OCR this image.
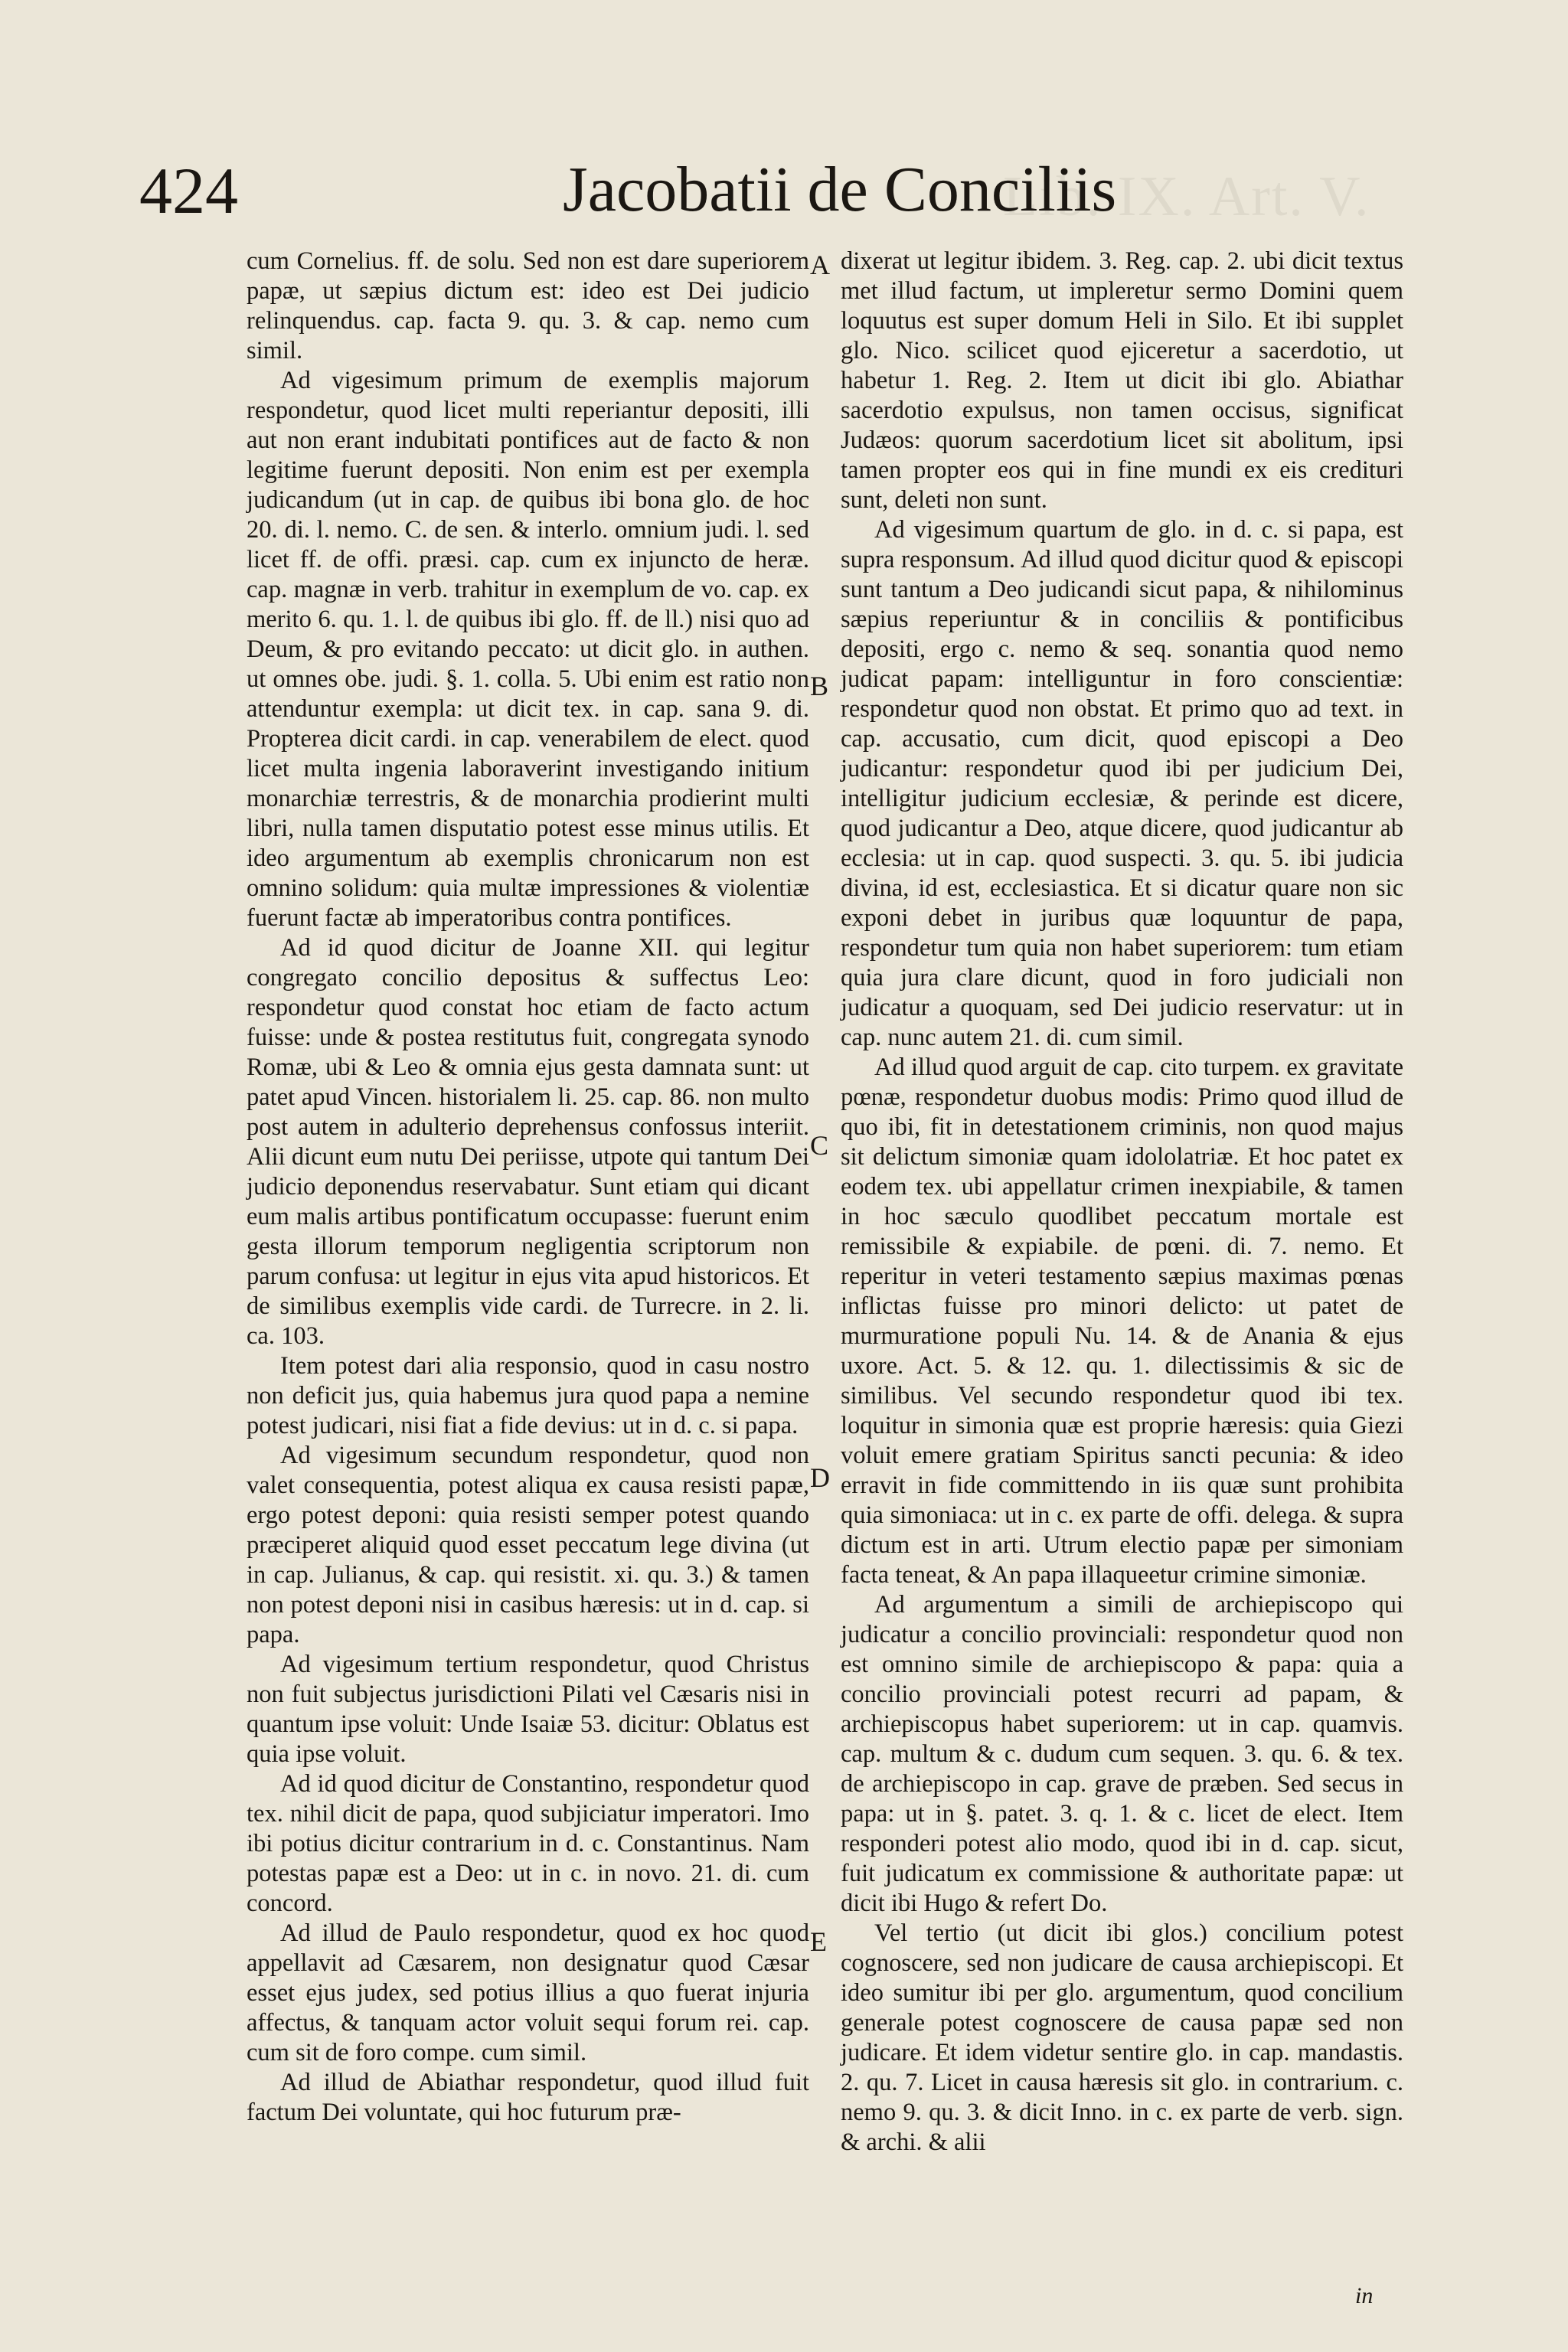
Lib. IX. Art. V.
424	Jacobatii de Conciliis

cum Cornelius. ff. de solu. Sed non est dare superiorem papæ, ut sæpius dictum est: ideo est Dei judicio relinquendus. cap. facta 9. qu. 3. & cap. nemo cum simil.

Ad vigesimum primum de exemplis majorum respondetur, quod licet multi reperiantur depositi, illi aut non erant indubitati pontifices aut de facto & non legitime fuerunt depositi. Non enim est per exempla judicandum (ut in cap. de quibus ibi bona glo. de hoc 20. di. l. nemo. C. de sen. & interlo. omnium judi. l. sed licet ff. de offi. præsi. cap. cum ex injuncto de heræ. cap. magnæ in verb. trahitur in exemplum de vo. cap. ex merito 6. qu. 1. l. de quibus ibi glo. ff. de ll.) nisi quo ad Deum, & pro evitando peccato: ut dicit glo. in authen. ut omnes obe. judi. §. 1. colla. 5. Ubi enim est ratio non attenduntur exempla: ut dicit tex. in cap. sana 9. di. Propterea dicit cardi. in cap. venerabilem de elect. quod licet multa ingenia laboraverint investigando initium monarchiæ terrestris, & de monarchia prodierint multi libri, nulla tamen disputatio potest esse minus utilis. Et ideo argumentum ab exemplis chronicarum non est omnino solidum: quia multæ impressiones & violentiæ fuerunt factæ ab imperatoribus contra pontifices.

Ad id quod dicitur de Joanne XII. qui legitur congregato concilio depositus & suffectus Leo: respondetur quod constat hoc etiam de facto actum fuisse: unde & postea restitutus fuit, congregata synodo Romæ, ubi & Leo & omnia ejus gesta damnata sunt: ut patet apud Vincen. historialem li. 25. cap. 86. non multo post autem in adulterio deprehensus confossus interiit. Alii dicunt eum nutu Dei periisse, utpote qui tantum Dei judicio deponendus reservabatur. Sunt etiam qui dicant eum malis artibus pontificatum occupasse: fuerunt enim gesta illorum temporum negligentia scriptorum non parum confusa: ut legitur in ejus vita apud historicos. Et de similibus exemplis vide cardi. de Turrecre. in 2. li. ca. 103.

Item potest dari alia responsio, quod in casu nostro non deficit jus, quia habemus jura quod papa a nemine potest judicari, nisi fiat a fide devius: ut in d. c. si papa.

Ad vigesimum secundum respondetur, quod non valet consequentia, potest aliqua ex causa resisti papæ, ergo potest deponi: quia resisti semper potest quando præciperet aliquid quod esset peccatum lege divina (ut in cap. Julianus, & cap. qui resistit. xi. qu. 3.) & tamen non potest deponi nisi in casibus hæresis: ut in d. cap. si papa.

Ad vigesimum tertium respondetur, quod Christus non fuit subjectus jurisdictioni Pilati vel Cæsaris nisi in quantum ipse voluit: Unde Isaiæ 53. dicitur: Oblatus est quia ipse voluit.

Ad id quod dicitur de Constantino, respondetur quod tex. nihil dicit de papa, quod subjiciatur imperatori. Imo ibi potius dicitur contrarium in d. c. Constantinus. Nam potestas papæ est a Deo: ut in c. in novo. 21. di. cum concord.

Ad illud de Paulo respondetur, quod ex hoc quod appellavit ad Cæsarem, non designatur quod Cæsar esset ejus judex, sed potius illius a quo fuerat injuria affectus, & tanquam actor voluit sequi forum rei. cap. cum sit de foro compe. cum simil.

Ad illud de Abiathar respondetur, quod illud fuit factum Dei voluntate, qui hoc futurum præ-

A
B
C
D
E

dixerat ut legitur ibidem. 3. Reg. cap. 2. ubi dicit textus met illud factum, ut impleretur sermo Domini quem loquutus est super domum Heli in Silo. Et ibi supplet glo. Nico. scilicet quod ejiceretur a sacerdotio, ut habetur 1. Reg. 2. Item ut dicit ibi glo. Abiathar sacerdotio expulsus, non tamen occisus, significat Judæos: quorum sacerdotium licet sit abolitum, ipsi tamen propter eos qui in fine mundi ex eis credituri sunt, deleti non sunt.

Ad vigesimum quartum de glo. in d. c. si papa, est supra responsum. Ad illud quod dicitur quod & episcopi sunt tantum a Deo judicandi sicut papa, & nihilominus sæpius reperiuntur & in conciliis & pontificibus depositi, ergo c. nemo & seq. sonantia quod nemo judicat papam: intelliguntur in foro conscientiæ: respondetur quod non obstat. Et primo quo ad text. in cap. accusatio, cum dicit, quod episcopi a Deo judicantur: respondetur quod ibi per judicium Dei, intelligitur judicium ecclesiæ, & perinde est dicere, quod judicantur a Deo, atque dicere, quod judicantur ab ecclesia: ut in cap. quod suspecti. 3. qu. 5. ibi judicia divina, id est, ecclesiastica. Et si dicatur quare non sic exponi debet in juribus quæ loquuntur de papa, respondetur tum quia non habet superiorem: tum etiam quia jura clare dicunt, quod in foro judiciali non judicatur a quoquam, sed Dei judicio reservatur: ut in cap. nunc autem 21. di. cum simil.

Ad illud quod arguit de cap. cito turpem. ex gravitate pœnæ, respondetur duobus modis: Primo quod illud de quo ibi, fit in detestationem criminis, non quod majus sit delictum simoniæ quam idololatriæ. Et hoc patet ex eodem tex. ubi appellatur crimen inexpiabile, & tamen in hoc sæculo quodlibet peccatum mortale est remissibile & expiabile. de pœni. di. 7. nemo. Et reperitur in veteri testamento sæpius maximas pœnas inflictas fuisse pro minori delicto: ut patet de murmuratione populi Nu. 14. & de Anania & ejus uxore. Act. 5. & 12. qu. 1. dilectissimis & sic de similibus. Vel secundo respondetur quod ibi tex. loquitur in simonia quæ est proprie hæresis: quia Giezi voluit emere gratiam Spiritus sancti pecunia: & ideo erravit in fide committendo in iis quæ sunt prohibita quia simoniaca: ut in c. ex parte de offi. delega. & supra dictum est in arti. Utrum electio papæ per simoniam facta teneat, & An papa illaqueetur crimine simoniæ.

Ad argumentum a simili de archiepiscopo qui judicatur a concilio provinciali: respondetur quod non est omnino simile de archiepiscopo & papa: quia a concilio provinciali potest recurri ad papam, & archiepiscopus habet superiorem: ut in cap. quamvis. cap. multum & c. dudum cum sequen. 3. qu. 6. & tex. de archiepiscopo in cap. grave de præben. Sed secus in papa: ut in §. patet. 3. q. 1. & c. licet de elect. Item responderi potest alio modo, quod ibi in d. cap. sicut, fuit judicatum ex commissione & authoritate papæ: ut dicit ibi Hugo & refert Do.

Vel tertio (ut dicit ibi glos.) concilium potest cognoscere, sed non judicare de causa archiepiscopi. Et ideo sumitur ibi per glo. argumentum, quod concilium generale potest cognoscere de causa papæ sed non judicare. Et idem videtur sentire glo. in cap. mandastis. 2. qu. 7. Licet in causa hæresis sit glo. in contrarium. c. nemo 9. qu. 3. & dicit Inno. in c. ex parte de verb. sign. & archi. & alii

in
